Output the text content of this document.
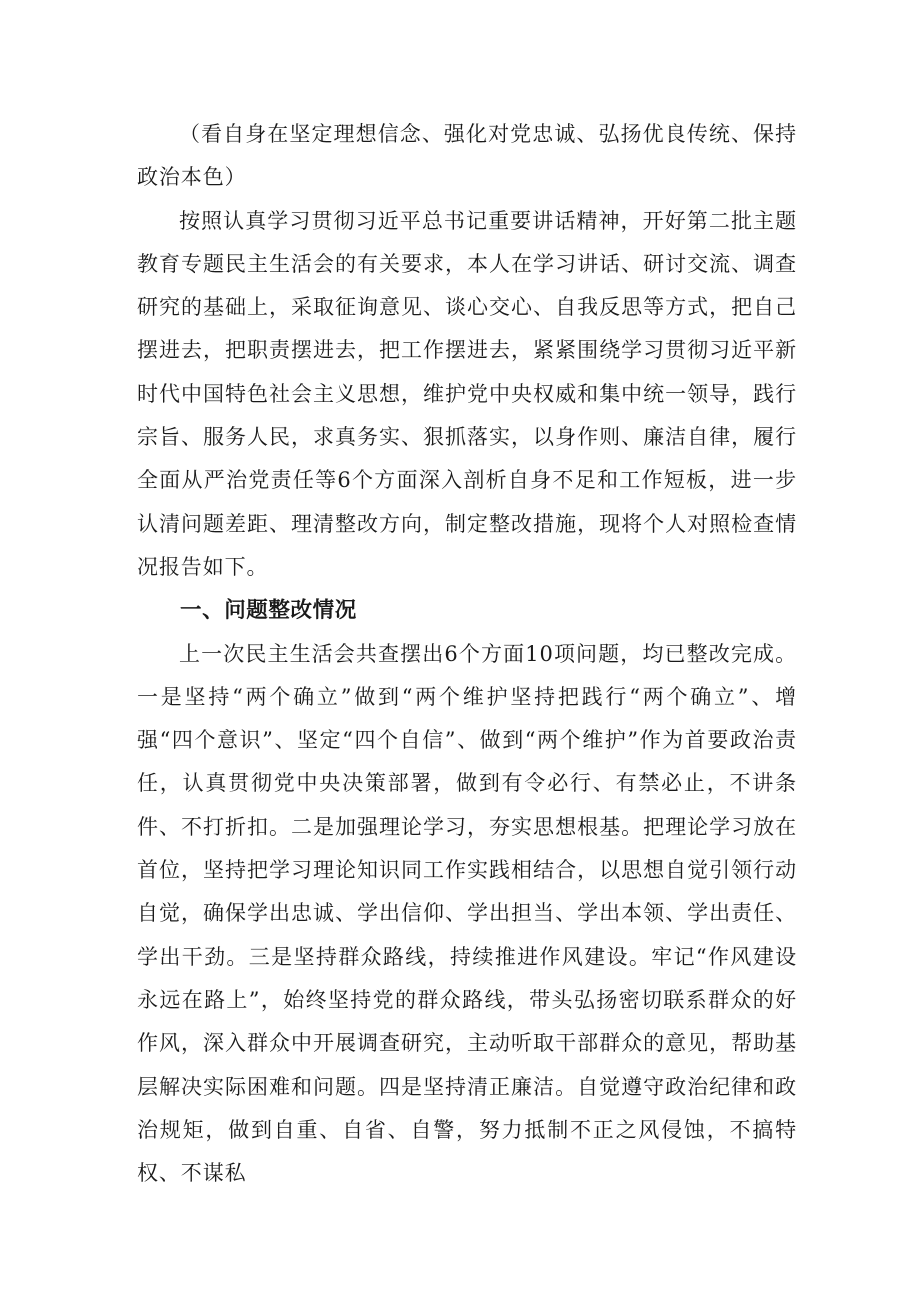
（看自身在坚定理想信念、强化对党忠诚、弘扬优良传统、保持政治本色）

按照认真学习贯彻习近平总书记重要讲话精神，开好第二批主题教育专题民主生活会的有关要求，本人在学习讲话、研讨交流、调查研究的基础上，采取征询意见、谈心交心、自我反思等方式，把自己摆进去，把职责摆进去，把工作摆进去，紧紧围绕学习贯彻习近平新时代中国特色社会主义思想，维护党中央权威和集中统一领导，践行宗旨、服务人民，求真务实、狠抓落实，以身作则、廉洁自律，履行全面从严治党责任等6个方面深入剖析自身不足和工作短板，进一步认清问题差距、理清整改方向，制定整改措施，现将个人对照检查情况报告如下。

一、问题整改情况

上一次民主生活会共查摆出6个方面10项问题，均已整改完成。一是坚持“两个确立”做到“两个维护坚持把践行“两个确立”、增强“四个意识”、坚定“四个自信”、做到“两个维护”作为首要政治责任，认真贯彻党中央决策部署，做到有令必行、有禁必止，不讲条件、不打折扣。二是加强理论学习，夯实思想根基。把理论学习放在首位，坚持把学习理论知识同工作实践相结合，以思想自觉引领行动自觉，确保学出忠诚、学出信仰、学出担当、学出本领、学出责任、学出干劲。三是坚持群众路线，持续推进作风建设。牢记“作风建设永远在路上”，始终坚持党的群众路线，带头弘扬密切联系群众的好作风，深入群众中开展调查研究，主动听取干部群众的意见，帮助基层解决实际困难和问题。四是坚持清正廉洁。自觉遵守政治纪律和政治规矩，做到自重、自省、自警，努力抵制不正之风侵蚀，不搞特权、不谋私
